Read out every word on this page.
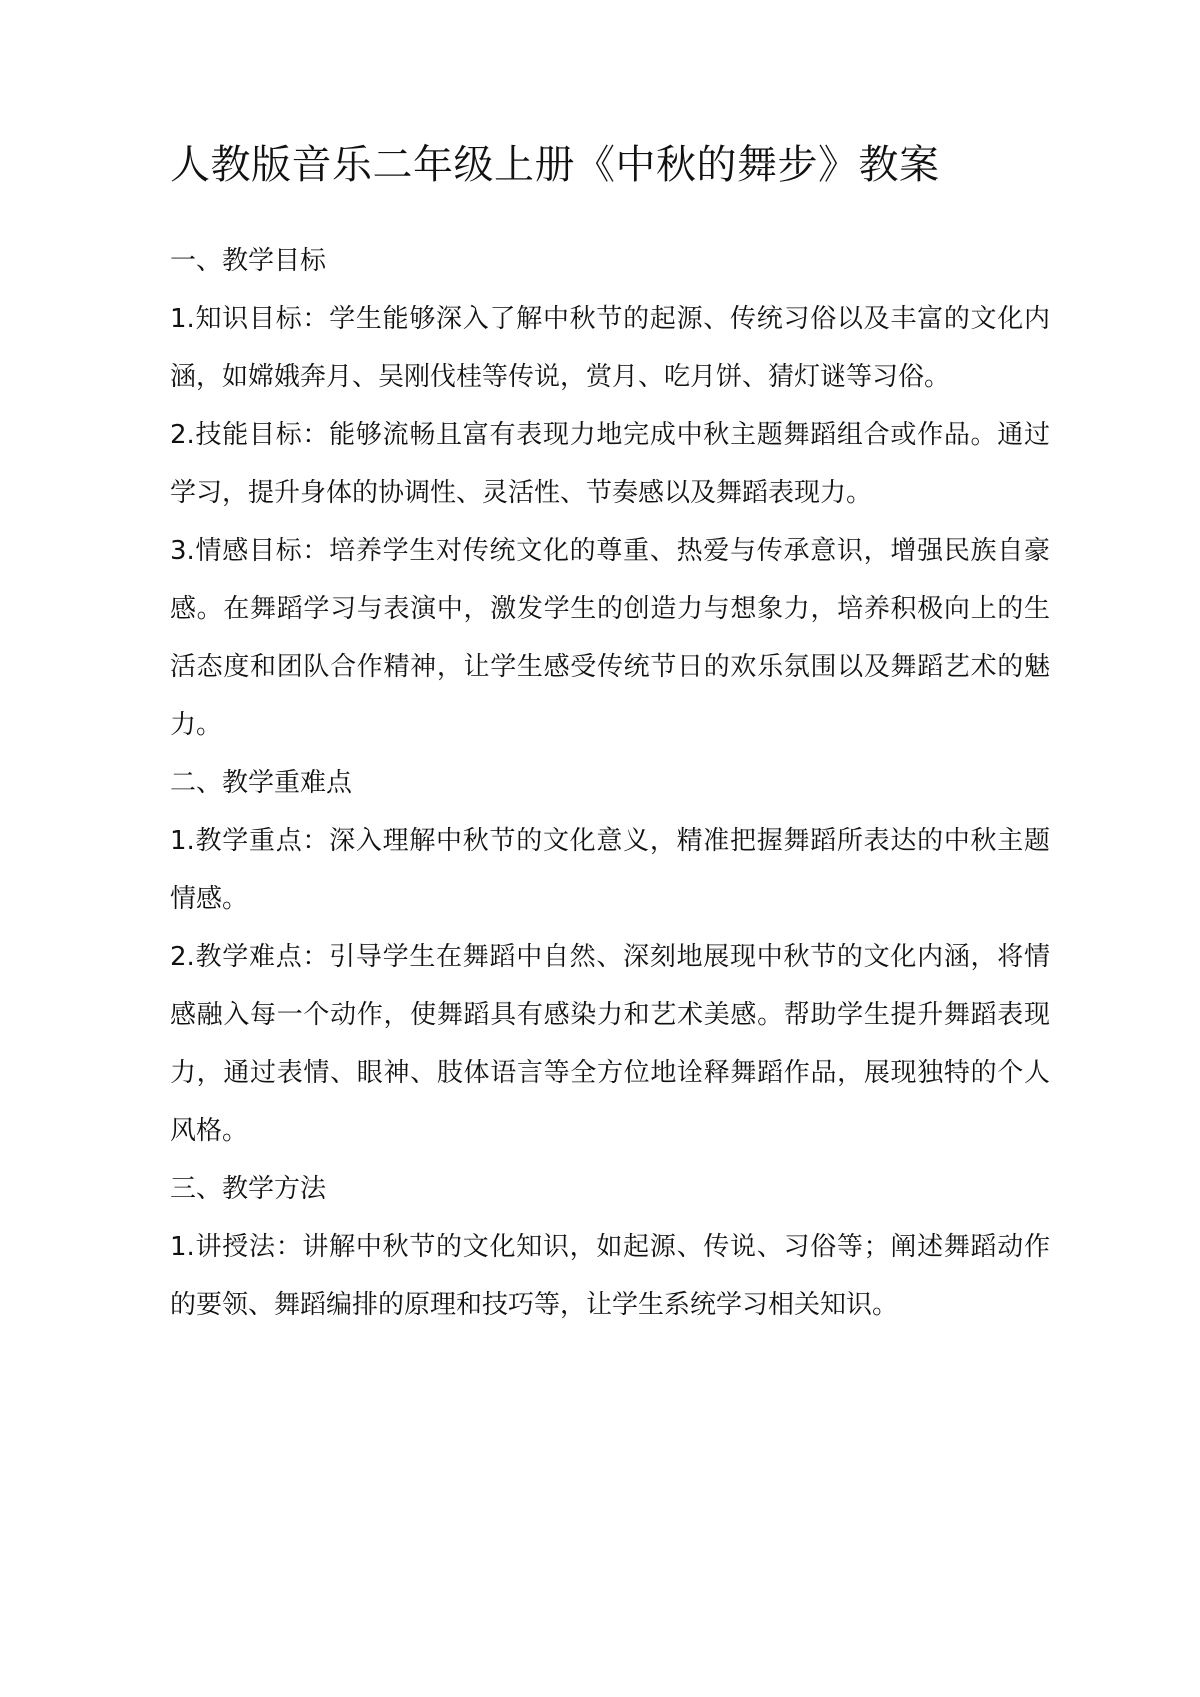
人教版音乐二年级上册《中秋的舞步》教案

一、教学目标

1.知识目标：学生能够深入了解中秋节的起源、传统习俗以及丰富的文化内涵，如嫦娥奔月、吴刚伐桂等传说，赏月、吃月饼、猜灯谜等习俗。

2.技能目标：能够流畅且富有表现力地完成中秋主题舞蹈组合或作品。通过学习，提升身体的协调性、灵活性、节奏感以及舞蹈表现力。

3.情感目标：培养学生对传统文化的尊重、热爱与传承意识，增强民族自豪感。在舞蹈学习与表演中，激发学生的创造力与想象力，培养积极向上的生活态度和团队合作精神，让学生感受传统节日的欢乐氛围以及舞蹈艺术的魅力。

二、教学重难点

1.教学重点：深入理解中秋节的文化意义，精准把握舞蹈所表达的中秋主题情感。

2.教学难点：引导学生在舞蹈中自然、深刻地展现中秋节的文化内涵，将情感融入每一个动作，使舞蹈具有感染力和艺术美感。帮助学生提升舞蹈表现力，通过表情、眼神、肢体语言等全方位地诠释舞蹈作品，展现独特的个人风格。

三、教学方法

1.讲授法：讲解中秋节的文化知识，如起源、传说、习俗等；阐述舞蹈动作的要领、舞蹈编排的原理和技巧等，让学生系统学习相关知识。
